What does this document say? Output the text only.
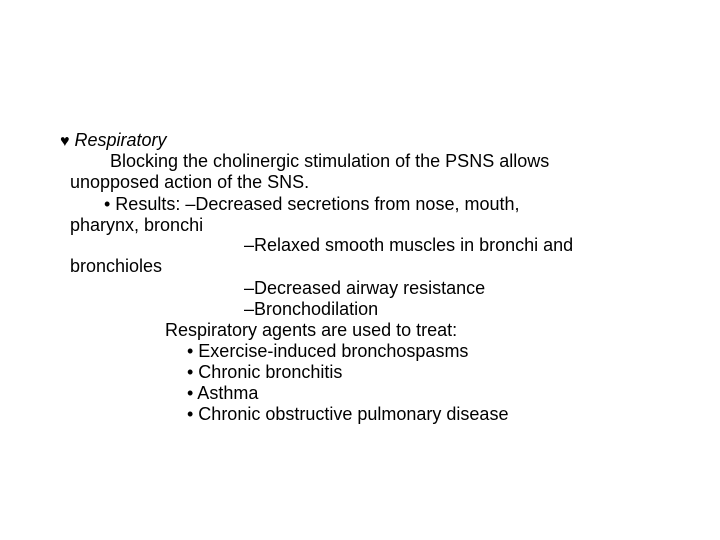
♥ Respiratory
Blocking the cholinergic stimulation of the PSNS allows
unopposed action of the SNS.
• Results: –Decreased secretions from nose, mouth,
pharynx, bronchi
–Relaxed smooth muscles in bronchi and
bronchioles
–Decreased airway resistance
–Bronchodilation
Respiratory agents are used to treat:
• Exercise-induced bronchospasms
• Chronic bronchitis
• Asthma
• Chronic obstructive pulmonary disease
